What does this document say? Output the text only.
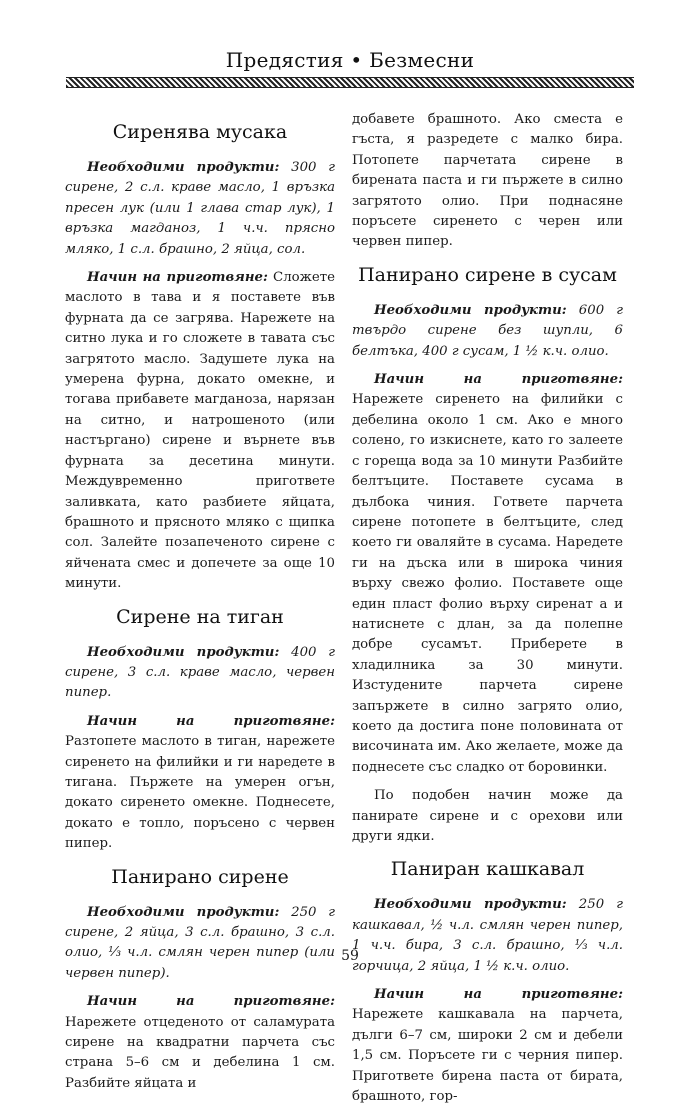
Предястия • Безмесни
Сиренява мусака

Необходими продукти: 300 г сирене, 2 с.л. краве масло, 1 връзка пресен лук (или 1 глава стар лук), 1 връзка магданоз, 1 ч.ч. прясно мляко, 1 с.л. брашно, 2 яйца, сол.

Начин на приготвяне: Сложете маслото в тава и я поставете във фурната да се загрява. Нарежете на ситно лука и го сложете в тавата със загрятото масло. Задушете лука на умерена фурна, докато омекне, и тогава прибавете магданоза, нарязан на ситно, и натрошеното (или настъргано) сирене и върнете във фурната за десетина минути. Междувременно пригответе заливката, като разбиете яйцата, брашното и прясното мляко с щипка сол. Залейте позапеченото сирене с яйчената смес и допечете за още 10 минути.

Сирене на тиган

Необходими продукти: 400 г сирене, 3 с.л. краве масло, червен пипер.

Начин на приготвяне: Разтопете маслото в тиган, нарежете сиренето на филийки и ги наредете в тигана. Пържете на умерен огън, докато сиренето омекне. Поднесете, докато е топло, поръсено с червен пипер.

Панирано сирене

Необходими продукти: 250 г сирене, 2 яйца, 3 с.л. брашно, 3 с.л. олио, ⅓ ч.л. смлян черен пипер (или червен пипер).

Начин на приготвяне: Нарежете отцеденото от саламурата сирене на квадратни парчета със страна 5–6 см и дебелина 1 см. Разбийте яйцата и

добавете брашното. Ако сместа е гъста, я разредете с малко бира. Потопете парчетата сирене в бирената паста и ги пържете в силно загрятото олио. При поднасяне поръсете сиренето с черен или червен пипер.

Панирано сирене в сусам

Необходими продукти: 600 г твърдо сирене без шупли, 6 белтъка, 400 г сусам, 1 ½ к.ч. олио.

Начин на приготвяне: Нарежете сиренето на филийки с дебелина около 1 см. Ако е много солено, го изкиснете, като го залеете с гореща вода за 10 минути Разбийте белтъците. Поставете сусама в дълбока чиния. Гответе парчета сирене потопете в белтъците, след което ги оваляйте в сусама. Наредете ги на дъска или в широка чиния върху свежо фолио. Поставете още един пласт фолио върху сиренат а и натиснете с длан, за да полепне добре сусамът. Приберете в хладилника за 30 минути. Изстудените парчета сирене запържете в силно загрято олио, което да достига поне половината от височината им. Ако желаете, може да поднесете със сладко от боровинки.

По подобен начин може да панирате сирене и с орехови или други ядки.

Паниран кашкавал

Необходими продукти: 250 г кашкавал, ½ ч.л. смлян черен пипер, 1 ч.ч. бира, 3 с.л. брашно, ⅓ ч.л. горчица, 2 яйца, 1 ½ к.ч. олио.

Начин на приготвяне: Нарежете кашкавала на парчета, дълги 6–7 см, широки 2 см и дебели 1,5 см. Поръсете ги с черния пипер. Пригответе бирена паста от бирата, брашното, гор-

59
